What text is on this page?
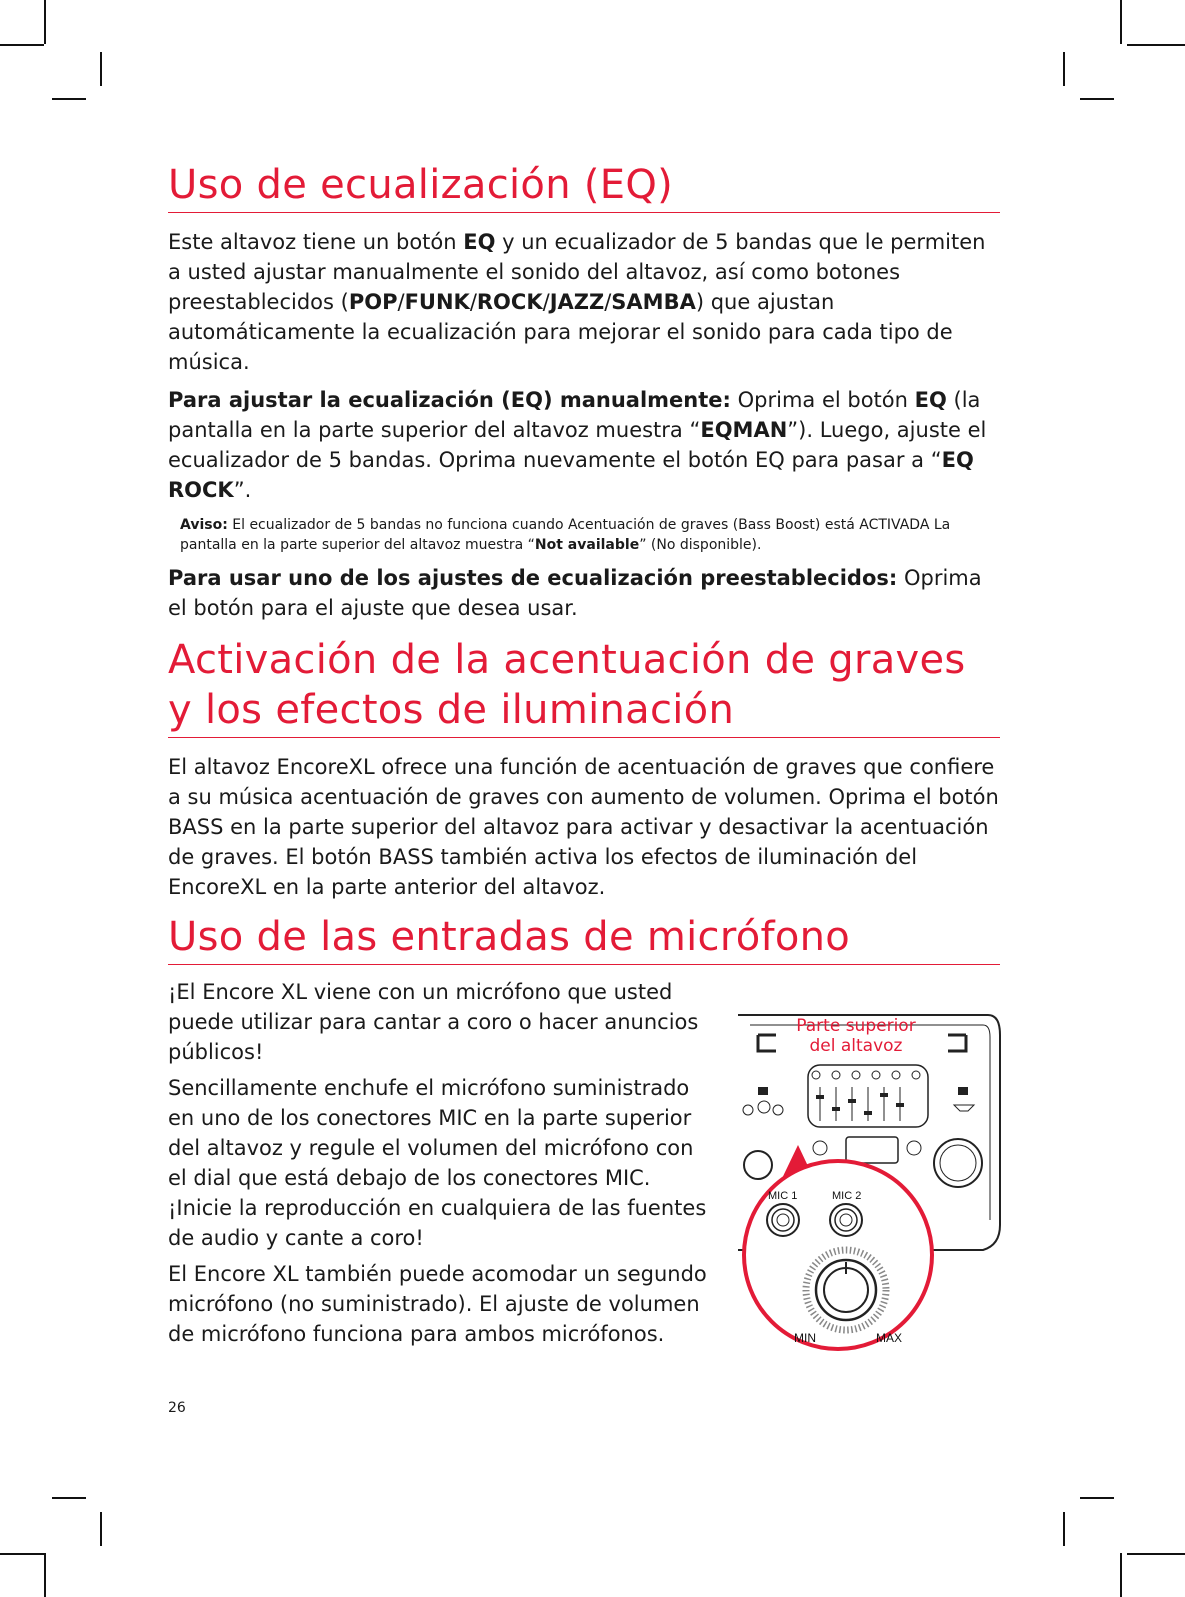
Uso de ecualización (EQ)

Este altavoz tiene un botón EQ y un ecualizador de 5 bandas que le permiten a usted ajustar manualmente el sonido del altavoz, así como botones preestablecidos (POP/FUNK/ROCK/JAZZ/SAMBA) que ajustan automáticamente la ecualización para mejorar el sonido para cada tipo de música.

Para ajustar la ecualización (EQ) manualmente: Oprima el botón EQ (la pantalla en la parte superior del altavoz muestra “EQMAN”). Luego, ajuste el ecualizador de 5 bandas. Oprima nuevamente el botón EQ para pasar a “EQ ROCK”.

Aviso: El ecualizador de 5 bandas no funciona cuando Acentuación de graves (Bass Boost) está ACTIVADA La pantalla en la parte superior del altavoz muestra “Not available” (No disponible).

Para usar uno de los ajustes de ecualización preestablecidos: Oprima el botón para el ajuste que desea usar.

Activación de la acentuación de graves
y los efectos de iluminación

El altavoz EncoreXL ofrece una función de acentuación de graves que confiere a su música acentuación de graves con aumento de volumen. Oprima el botón BASS en la parte superior del altavoz para activar y desactivar la acentuación de graves. El botón BASS también activa los efectos de iluminación del EncoreXL en la parte anterior del altavoz.

Uso de las entradas de micrófono

¡El Encore XL viene con un micrófono que usted puede utilizar para cantar a coro o hacer anuncios públicos!

Sencillamente enchufe el micrófono suministrado en uno de los conectores MIC en la parte superior del altavoz y regule el volumen del micrófono con el dial que está debajo de los conectores MIC. ¡Inicie la reproducción en cualquiera de las fuentes de audio y cante a coro!

El Encore XL también puede acomodar un segundo micrófono (no suministrado). El ajuste de volumen de micrófono funciona para ambos micrófonos.

Parte superior
del altavoz
MIC 1	MIC 2
MIN	MAX
26
